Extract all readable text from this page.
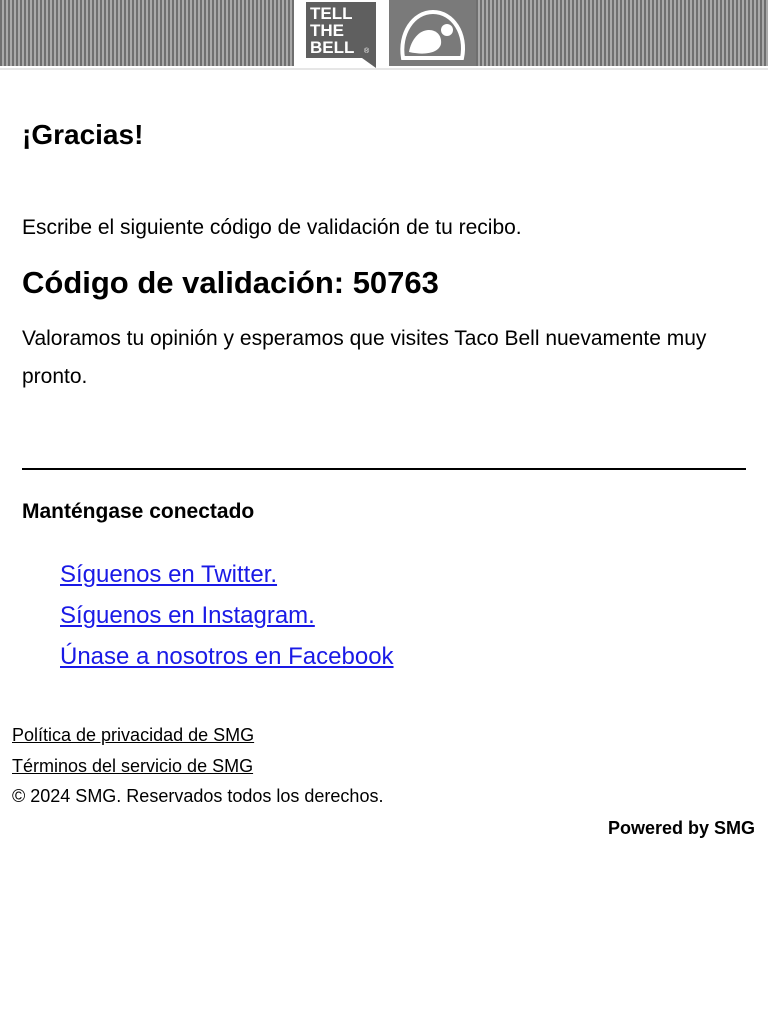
TELL
THE
BELL ®
¡Gracias!

Escribe el siguiente código de validación de tu recibo.

Código de validación: 50763

Valoramos tu opinión y esperamos que visites Taco Bell nuevamente muy pronto.

Manténgase conectado
Síguenos en Twitter.
Síguenos en Instagram.
Únase a nosotros en Facebook
Política de privacidad de SMG
Términos del servicio de SMG

© 2024 SMG. Reservados todos los derechos.

Powered by SMG
